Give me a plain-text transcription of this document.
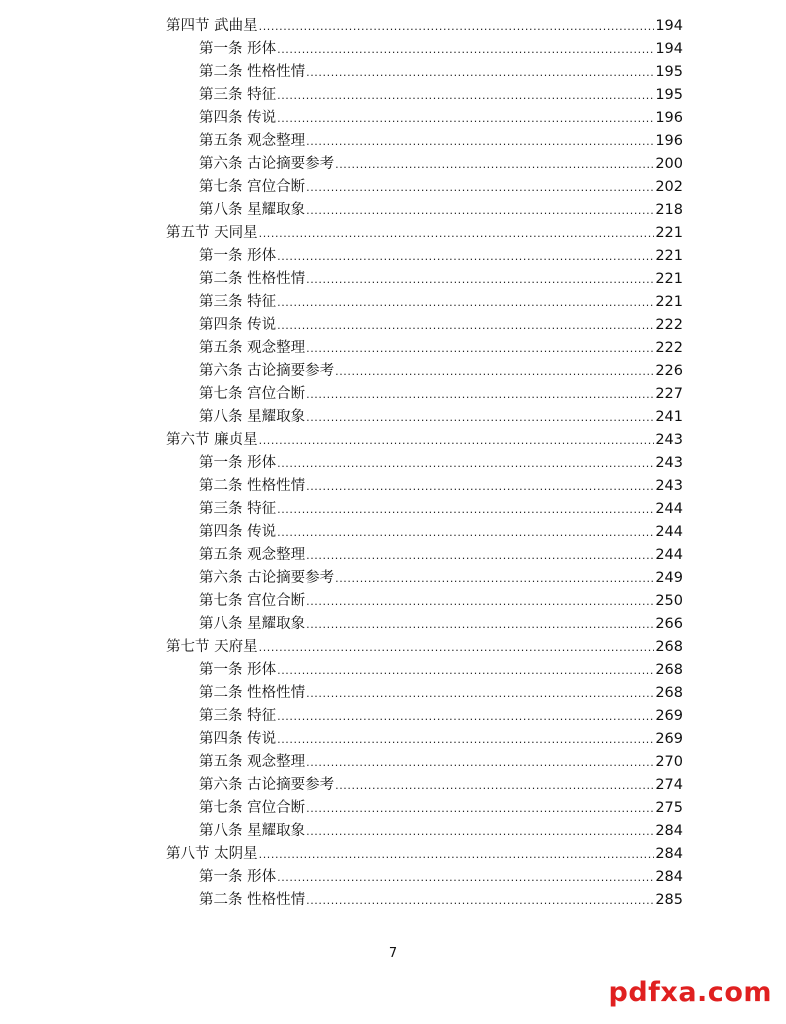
第四节 武曲星 .....	194
第一条 形体 .....	194
第二条 性格性情 .....	195
第三条 特征 .....	195
第四条 传说 .....	196
第五条 观念整理 .....	196
第六条 古论摘要参考 .....	200
第七条 宫位合断 .....	202
第八条 星耀取象 .....	218
第五节 天同星 .....	221
第一条 形体 .....	221
第二条 性格性情 .....	221
第三条 特征 .....	221
第四条 传说 .....	222
第五条 观念整理 .....	222
第六条 古论摘要参考 .....	226
第七条 宫位合断 .....	227
第八条 星耀取象 .....	241
第六节 廉贞星 .....	243
第一条 形体 .....	243
第二条 性格性情 .....	243
第三条 特征 .....	244
第四条 传说 .....	244
第五条 观念整理 .....	244
第六条 古论摘要参考 .....	249
第七条 宫位合断 .....	250
第八条 星耀取象 .....	266
第七节 天府星 .....	268
第一条 形体 .....	268
第二条 性格性情 .....	268
第三条 特征 .....	269
第四条 传说 .....	269
第五条 观念整理 .....	270
第六条 古论摘要参考 .....	274
第七条 宫位合断 .....	275
第八条 星耀取象 .....	284
第八节 太阴星 .....	284
第一条 形体 .....	284
第二条 性格性情 .....	285
7
pdfxa.com
